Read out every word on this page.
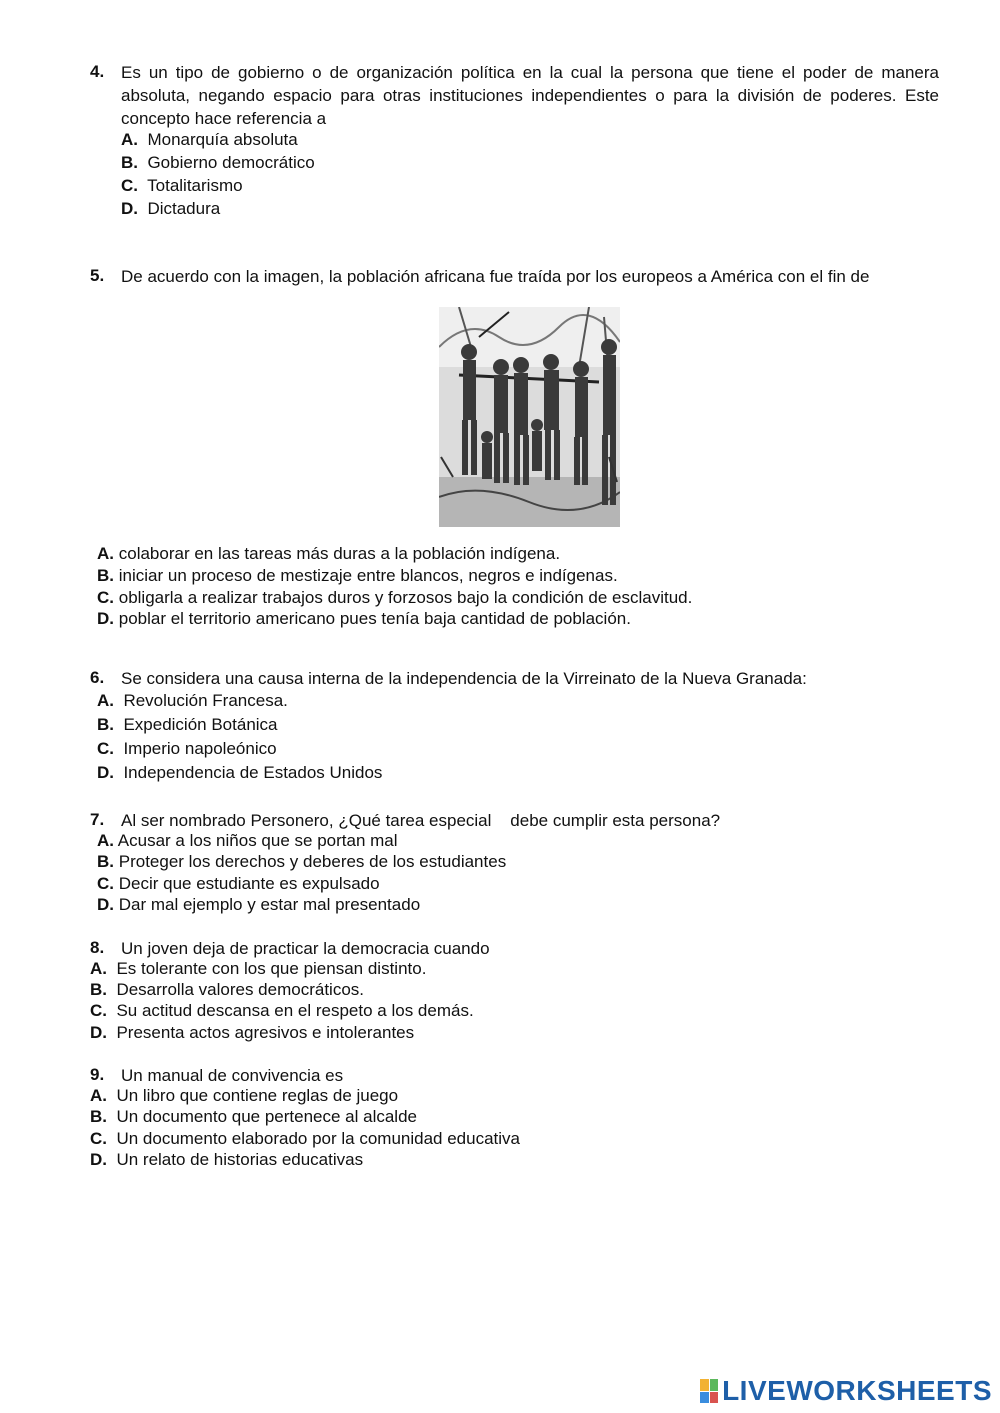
4. Es un tipo de gobierno o de organización política en la cual la persona que tiene el poder de manera absoluta, negando espacio para otras instituciones independientes o para la división de poderes. Este concepto hace referencia a
A. Monarquía absoluta
B. Gobierno democrático
C. Totalitarismo
D. Dictadura
5. De acuerdo con la imagen, la población africana fue traída por los europeos a América con el fin de
A. colaborar en las tareas más duras a la población indígena.
B. iniciar un proceso de mestizaje entre blancos, negros e indígenas.
C. obligarla a realizar trabajos duros y forzosos bajo la condición de esclavitud.
D. poblar el territorio americano pues tenía baja cantidad de población.
6. Se considera una causa interna de la independencia de la Virreinato de la Nueva Granada:
A. Revolución Francesa.
B. Expedición Botánica
C. Imperio napoleónico
D. Independencia de Estados Unidos
7. Al ser nombrado Personero, ¿Qué tarea especial    debe cumplir esta persona?
A. Acusar a los niños que se portan mal
B. Proteger los derechos y deberes de los estudiantes
C. Decir que estudiante es expulsado
D. Dar mal ejemplo y estar mal presentado
8. Un joven deja de practicar la democracia cuando
A. Es tolerante con los que piensan distinto.
B. Desarrolla valores democráticos.
C. Su actitud descansa en el respeto a los demás.
D. Presenta actos agresivos e intolerantes
9. Un manual de convivencia es
A. Un libro que contiene reglas de juego
B. Un documento que pertenece al alcalde
C. Un documento elaborado por la comunidad educativa
D. Un relato de historias educativas
LIVEWORKSHEETS
